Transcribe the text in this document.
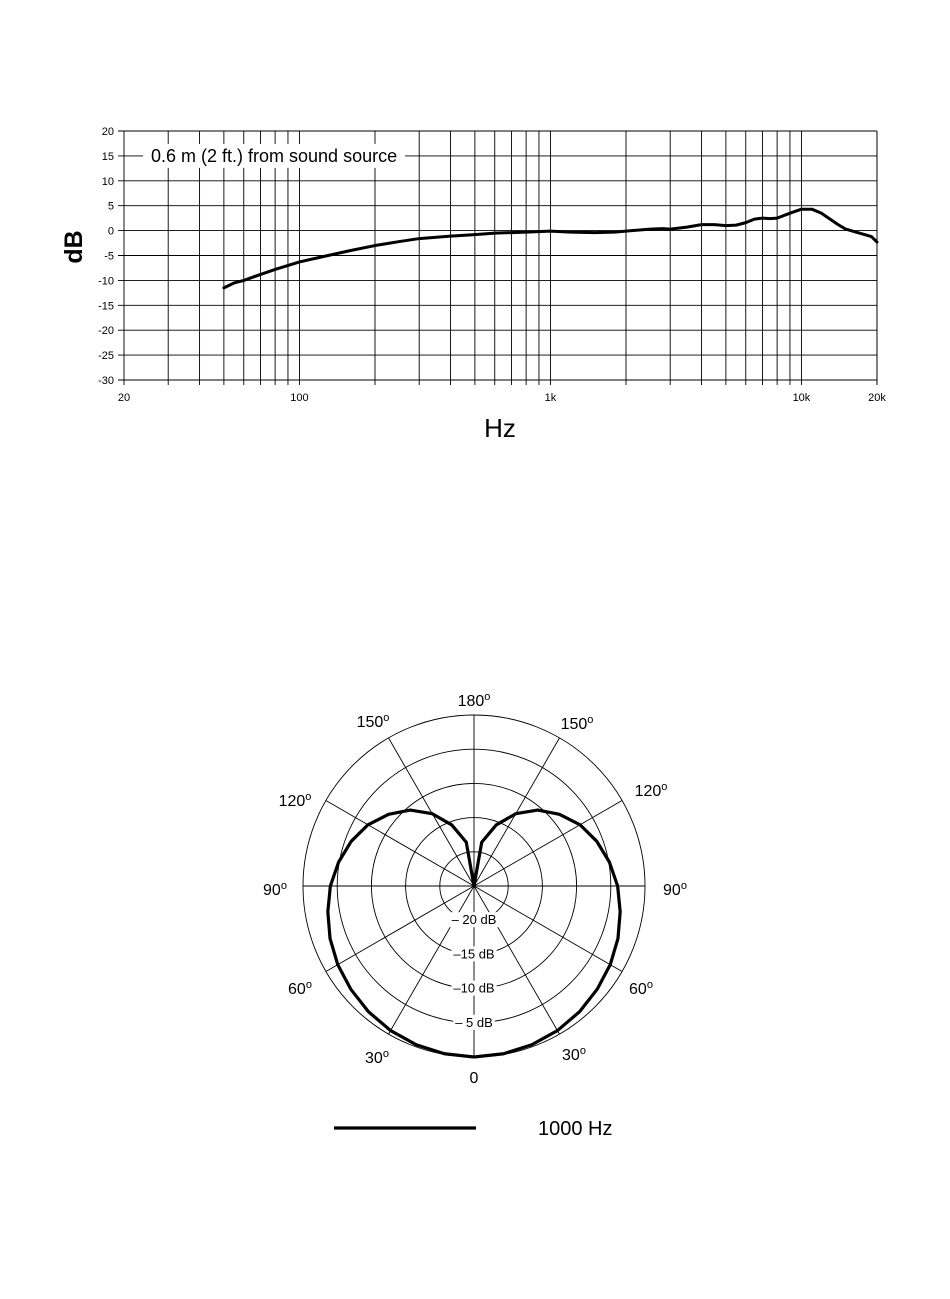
20
15
10
5
0
-5
-10
-15
-20
-25
-30
20	100	1k	10k	20k
0.6 m (2 ft.) from sound source
Hz
dB
– 20 dB
–15 dB
–10 dB
– 5 dB
180$^o$
150$^o$	150$^o$
120$^o$	120$^o$
90$^o$	90$^o$
60$^o$	60$^o$
30$^o$	30$^o$
0
1000 Hz
